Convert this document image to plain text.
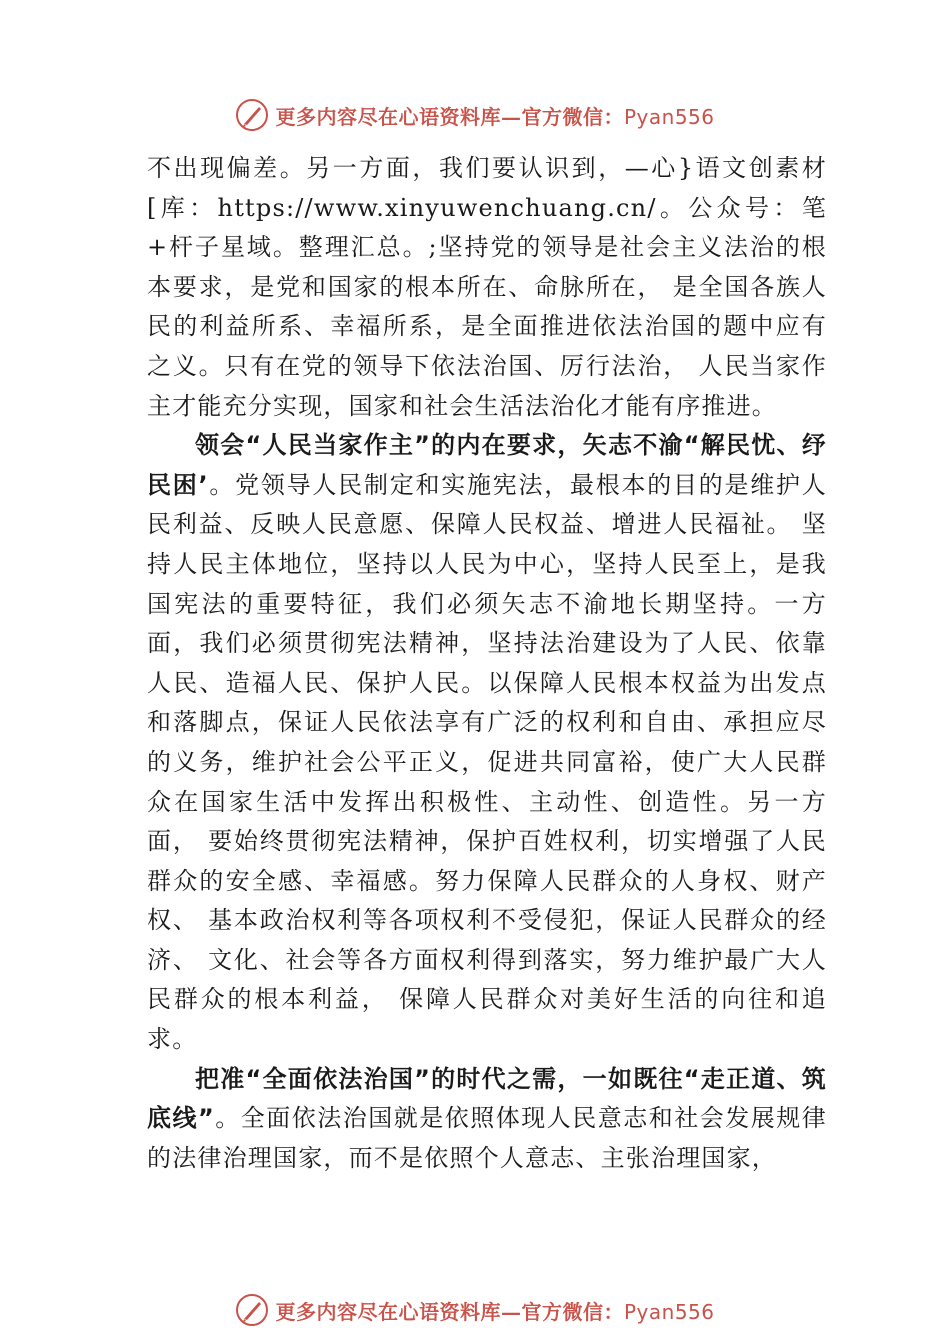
更多内容尽在心语资料库—官方微信：Pyan556

不出现偏差。另一方面，我们要认识到，—心}语文创素材[库：https://www.xinyuwenchuang.cn/。公众号：笔+杆子星域。整理汇总。;坚持党的领导是社会主义法治的根本要求，是党和国家的根本所在、命脉所在， 是全国各族人民的利益所系、幸福所系，是全面推进依法治国的题中应有之义。只有在党的领导下依法治国、厉行法治， 人民当家作主才能充分实现，国家和社会生活法治化才能有序推进。

领会“人民当家作主”的内在要求，矢志不渝“解民忧、纾民困’。党领导人民制定和实施宪法，最根本的目的是维护人民利益、反映人民意愿、保障人民权益、增进人民福祉。 坚持人民主体地位，坚持以人民为中心，坚持人民至上，是我国宪法的重要特征，我们必须矢志不渝地长期坚持。一方面，我们必须贯彻宪法精神，坚持法治建设为了人民、依靠人民、造福人民、保护人民。以保障人民根本权益为出发点和落脚点，保证人民依法享有广泛的权利和自由、承担应尽的义务，维护社会公平正义，促进共同富裕，使广大人民群众在国家生活中发挥出积极性、主动性、创造性。另一方面， 要始终贯彻宪法精神，保护百姓权利，切实增强了人民群众的安全感、幸福感。努力保障人民群众的人身权、财产权、 基本政治权利等各项权利不受侵犯，保证人民群众的经济、 文化、社会等各方面权利得到落实，努力维护最广大人民群众的根本利益， 保障人民群众对美好生活的向往和追求。

把准“全面依法治国”的时代之需，一如既往“走正道、筑底线”。全面依法治国就是依照体现人民意志和社会发展规律的法律治理国家，而不是依照个人意志、主张治理国家，

更多内容尽在心语资料库—官方微信：Pyan556
